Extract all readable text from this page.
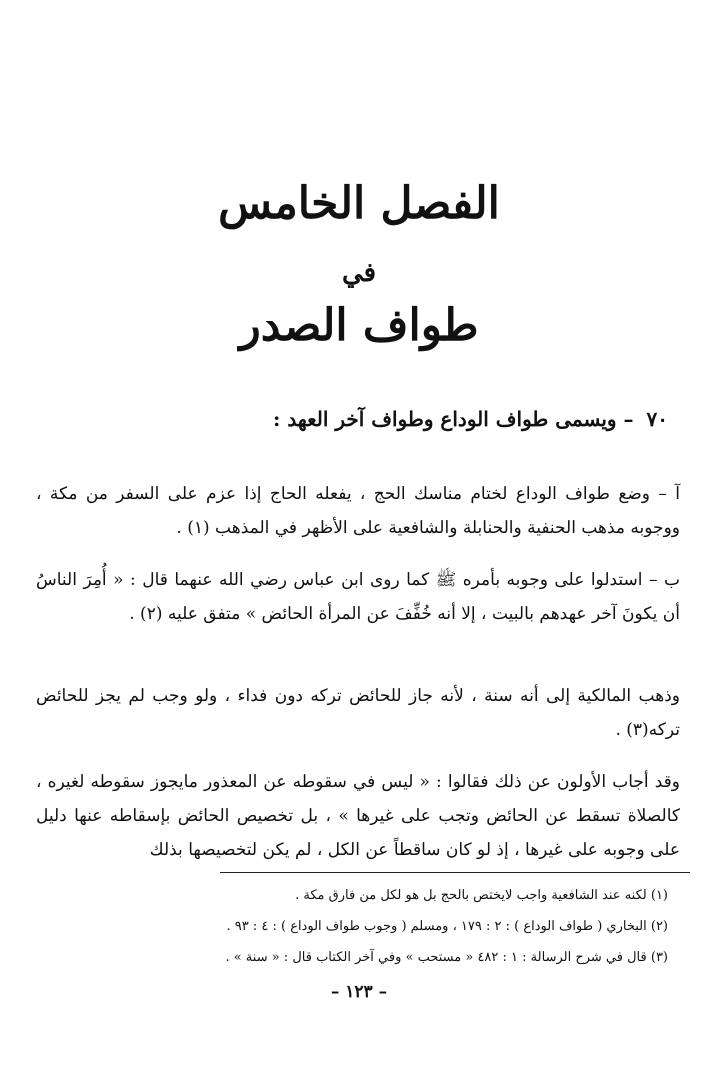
الفصل الخامس
في
طواف الصدر
٧٠ – ويسمى طواف الوداع وطواف آخر العهد :

آ – وضع طواف الوداع لختام مناسك الحج ، يفعله الحاج إذا عزم على السفر من مكة ، ووجوبه مذهب الحنفية والحنابلة والشافعية على الأظهر في المذهب (١) .

ب – استدلوا على وجوبه بأمره ﷺ كما روى ابن عباس رضي الله عنهما قال : « أُمِرَ الناسُ أن يكونَ آخر عهدهم بالبيت ، إلا أنه خُفِّفَ عن المرأة الحائض » متفق عليه (٢) .

وذهب المالكية إلى أنه سنة ، لأنه جاز للحائض تركه دون فداء ، ولو وجب لم يجز للحائض تركه(٣) .

وقد أجاب الأولون عن ذلك فقالوا : « ليس في سقوطه عن المعذور مايجوز سقوطه لغيره ، كالصلاة تسقط عن الحائض وتجب على غيرها » ، بل تخصيص الحائض بإسقاطه عنها دليل على وجوبه على غيرها ، إذ لو كان ساقطاً عن الكل ، لم يكن لتخصيصها بذلك

(١) لكنه عند الشافعية واجب لايختص بالحج بل هو لكل من فارق مكة .
(٢) البخاري ( طواف الوداع ) : ٢ : ١٧٩ ، ومسلم ( وجوب طواف الوداع ) : ٤ : ٩٣ .
(٣) قال في شرح الرسالة : ١ : ٤٨٢ « مستحب » وفي آخر الكتاب قال : « سنة » .
– ١٢٣ –
